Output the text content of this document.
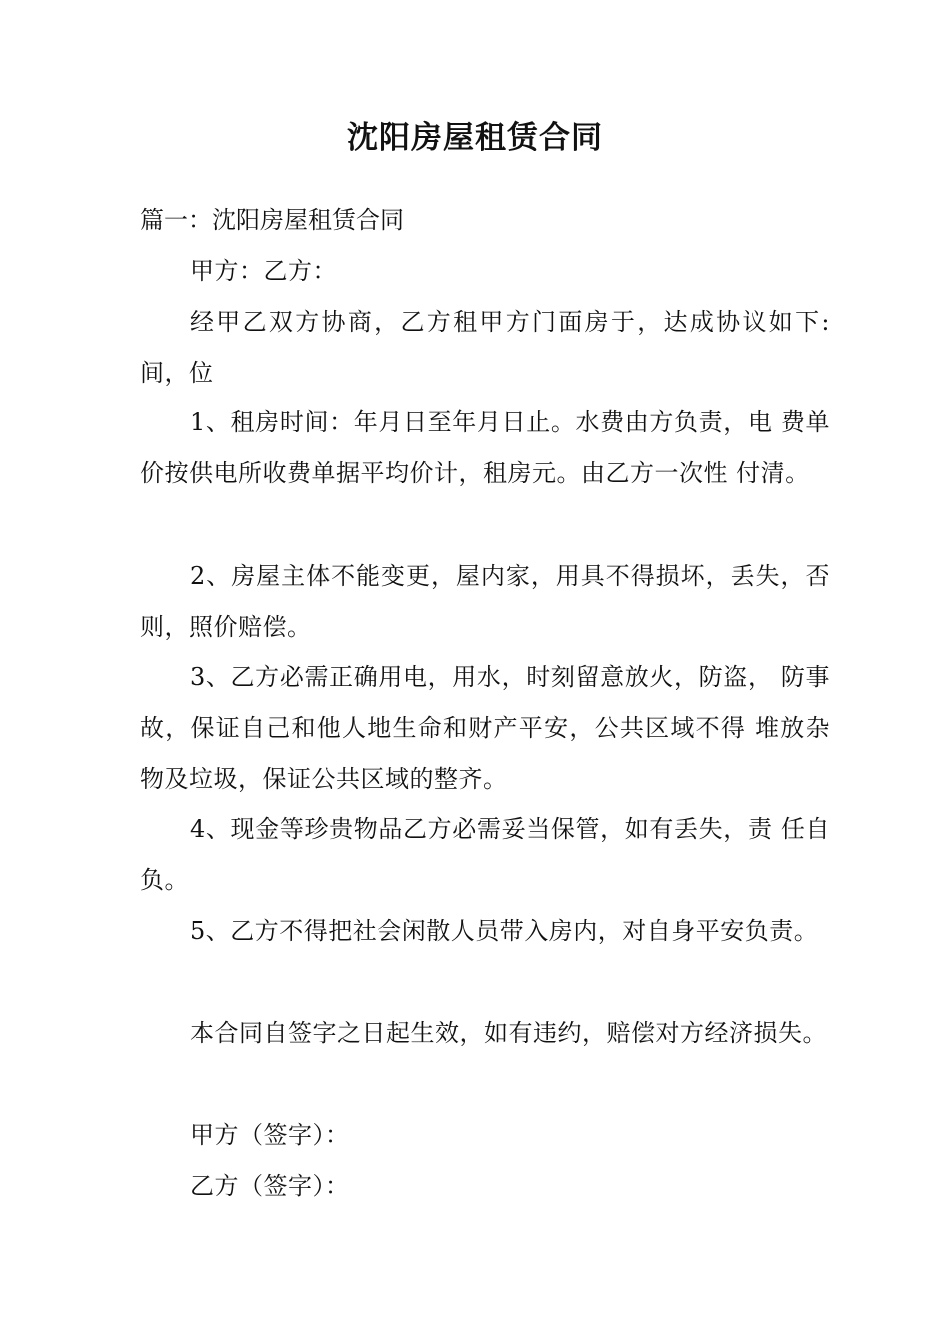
沈阳房屋租赁合同
篇一：沈阳房屋租赁合同
甲方：乙方：
经甲乙双方协商，乙方租甲方门面房于，达成协议如下:间，位
1、租房时间：年月日至年月日止。水费由方负责，电 费单价按供电所收费单据平均价计，租房元。由乙方一次性 付清。
2、房屋主体不能变更，屋内家，用具不得损坏，丢失，否则，照价赔偿。
3、乙方必需正确用电，用水，时刻留意放火，防盗， 防事故，保证自己和他人地生命和财产平安，公共区域不得 堆放杂物及垃圾，保证公共区域的整齐。
4、现金等珍贵物品乙方必需妥当保管，如有丢失，责 任自负。
5、乙方不得把社会闲散人员带入房内，对自身平安负责。
本合同自签字之日起生效，如有违约，赔偿对方经济损失。
甲方（签字）：
乙方（签字）：
